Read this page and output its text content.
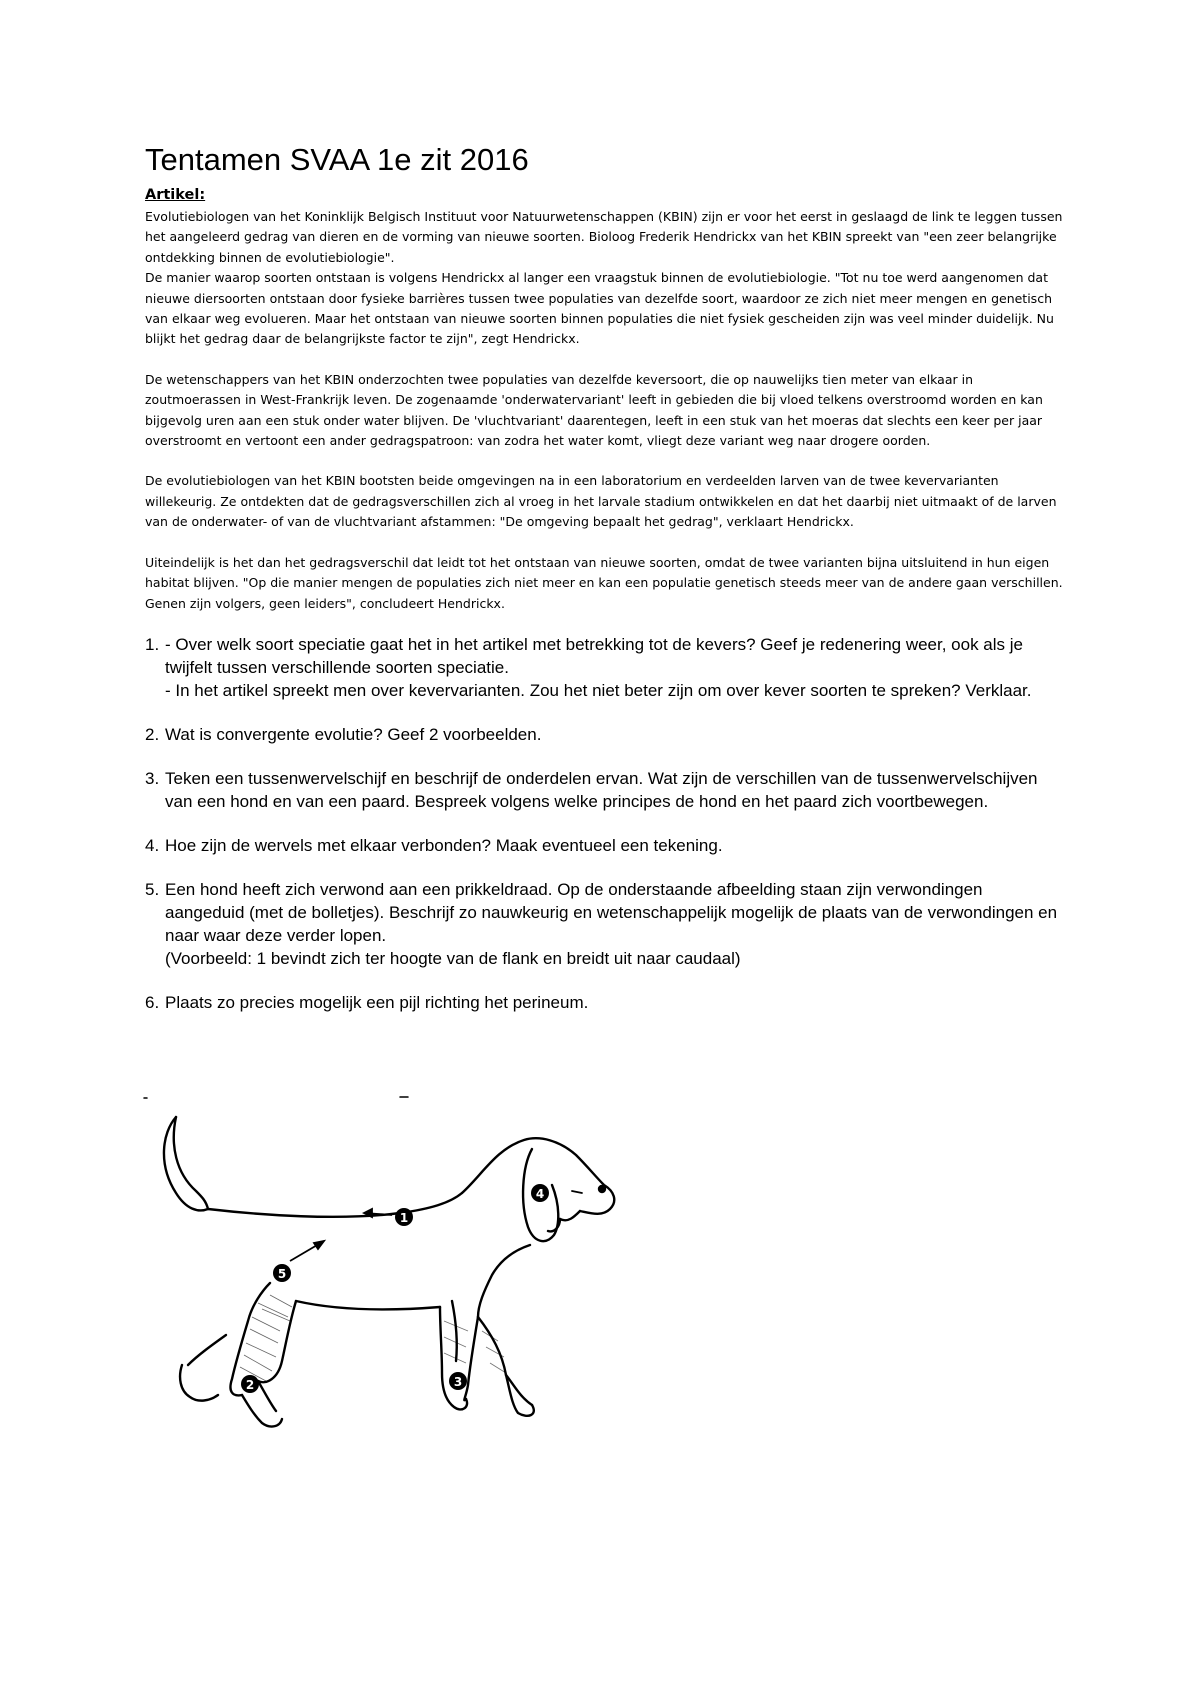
Tentamen SVAA 1e zit 2016
Artikel:

Evolutiebiologen van het Koninklijk Belgisch Instituut voor Natuurwetenschappen (KBIN) zijn er voor het eerst in geslaagd de link te leggen tussen het aangeleerd gedrag van dieren en de vorming van nieuwe soorten. Bioloog Frederik Hendrickx van het KBIN spreekt van "een zeer belangrijke ontdekking binnen de evolutiebiologie".

De manier waarop soorten ontstaan is volgens Hendrickx al langer een vraagstuk binnen de evolutiebiologie. "Tot nu toe werd aangenomen dat nieuwe diersoorten ontstaan door fysieke barrières tussen twee populaties van dezelfde soort, waardoor ze zich niet meer mengen en genetisch van elkaar weg evolueren. Maar het ontstaan van nieuwe soorten binnen populaties die niet fysiek gescheiden zijn was veel minder duidelijk. Nu blijkt het gedrag daar de belangrijkste factor te zijn", zegt Hendrickx.

De wetenschappers van het KBIN onderzochten twee populaties van dezelfde keversoort, die op nauwelijks tien meter van elkaar in zoutmoerassen in West-Frankrijk leven. De zogenaamde 'onderwatervariant' leeft in gebieden die bij vloed telkens overstroomd worden en kan bijgevolg uren aan een stuk onder water blijven. De 'vluchtvariant' daarentegen, leeft in een stuk van het moeras dat slechts een keer per jaar overstroomt en vertoont een ander gedragspatroon: van zodra het water komt, vliegt deze variant weg naar drogere oorden.

De evolutiebiologen van het KBIN bootsten beide omgevingen na in een laboratorium en verdeelden larven van de twee kevervarianten willekeurig. Ze ontdekten dat de gedragsverschillen zich al vroeg in het larvale stadium ontwikkelen en dat het daarbij niet uitmaakt of de larven van de onderwater- of van de vluchtvariant afstammen: "De omgeving bepaalt het gedrag", verklaart Hendrickx.

Uiteindelijk is het dan het gedragsverschil dat leidt tot het ontstaan van nieuwe soorten, omdat de twee varianten bijna uitsluitend in hun eigen habitat blijven. "Op die manier mengen de populaties zich niet meer en kan een populatie genetisch steeds meer van de andere gaan verschillen. Genen zijn volgers, geen leiders", concludeert Hendrickx.

1. - Over welk soort speciatie gaat het in het artikel met betrekking tot de kevers? Geef je redenering weer, ook als je twijfelt tussen verschillende soorten speciatie.
- In het artikel spreekt men over kevervarianten. Zou het niet beter zijn om over kever soorten te spreken? Verklaar.
2. Wat is convergente evolutie? Geef 2 voorbeelden.
3. Teken een tussenwervelschijf en beschrijf de onderdelen ervan. Wat zijn de verschillen van de tussenwervelschijven van een hond en van een paard. Bespreek volgens welke principes de hond en het paard zich voortbewegen.
4. Hoe zijn de wervels met elkaar verbonden? Maak eventueel een tekening.
5. Een hond heeft zich verwond aan een prikkeldraad. Op de onderstaande afbeelding staan zijn verwondingen aangeduid (met de bolletjes). Beschrijf zo nauwkeurig en wetenschappelijk mogelijk de plaats van de verwondingen en naar waar deze verder lopen.
(Voorbeeld: 1 bevindt zich ter hoogte van de flank en breidt uit naar caudaal)
6. Plaats zo precies mogelijk een pijl richting het perineum.
1
2	3
4
5
